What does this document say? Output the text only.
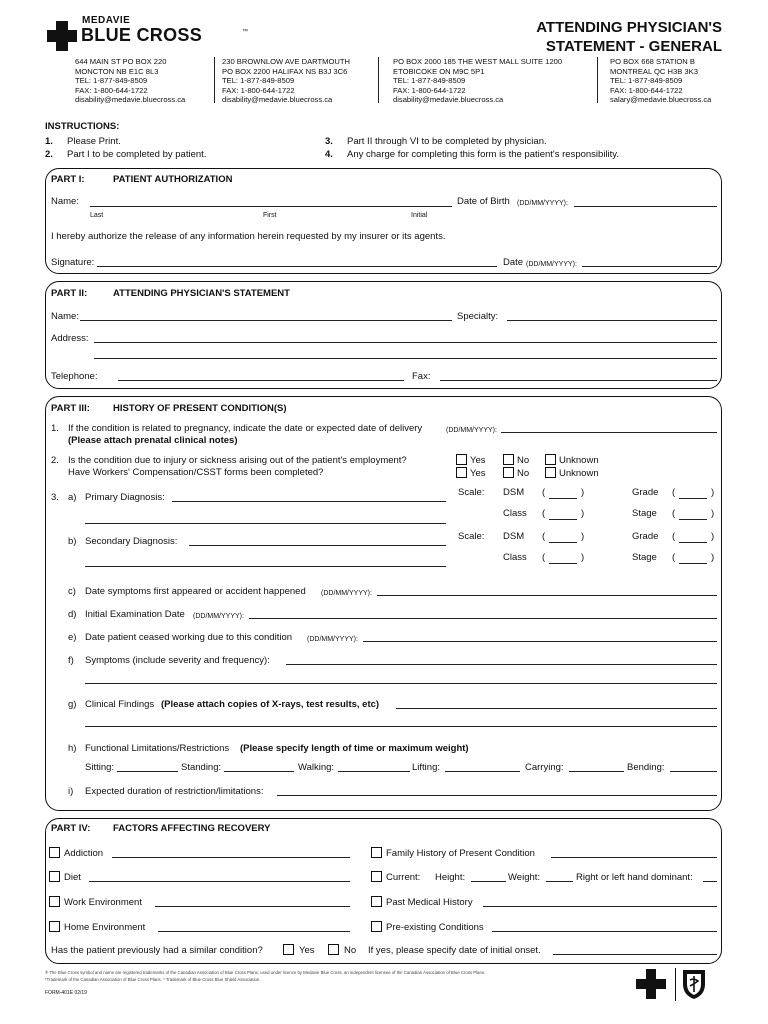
MEDAVIE
BLUE CROSS	™	ATTENDING PHYSICIAN'S
STATEMENT - GENERAL
644 MAIN ST PO BOX 220
MONCTON NB E1C 8L3
TEL: 1-877-849-8509
FAX: 1-800-644-1722
disability@medavie.bluecross.ca
230 BROWNLOW AVE DARTMOUTH
PO BOX 2200 HALIFAX NS B3J 3C6
TEL: 1-877-849-8509
FAX: 1-800-644-1722
disability@medavie.bluecross.ca
PO BOX 2000 185 THE WEST MALL SUITE 1200
ETOBICOKE ON M9C 5P1
TEL: 1-877-849-8509
FAX: 1-800-644-1722
disability@medavie.bluecross.ca
PO BOX 668 STATION B
MONTREAL QC H3B 3K3
TEL: 1-877-849-8509
FAX: 1-800-644-1722
salary@medavie.bluecross.ca
INSTRUCTIONS:
1. Please Print.
2. Part I to be completed by patient.
3. Part II through VI to be completed by physician.
4. Any charge for completing this form is the patient's responsibility.
PART I:	PATIENT AUTHORIZATION
Name:
Last	First	Initial
Date of Birth (DD/MM/YYYY):
I hereby authorize the release of any information herein requested by my insurer or its agents.
Signature:	Date (DD/MM/YYYY):
PART II:	ATTENDING PHYSICIAN'S STATEMENT
Name:	Specialty:
Address:
Telephone:	Fax:
PART III: HISTORY OF PRESENT CONDITION(S)
1. If the condition is related to pregnancy, indicate the date or expected date of delivery	(DD/MM/YYYY):
(Please attach prenatal clinical notes)
2. Is the condition due to injury or sickness arising out of the patient's employment?
Have Workers' Compensation/CSST forms been completed?
Yes	No	Unknown
Yes	No	Unknown
3. a) Primary Diagnosis:	Scale: DSM (	)	Grade (	)
Class (	)	Stage (	)
b) Secondary Diagnosis:	Scale: DSM (	)	Grade (	)
Class (	)	Stage (	)
c) Date symptoms first appeared or accident happened (DD/MM/YYYY):
d) Initial Examination Date (DD/MM/YYYY):
e) Date patient ceased working due to this condition (DD/MM/YYYY):
f) Symptoms (include severity and frequency):
g) Clinical Findings (Please attach copies of X-rays, test results, etc)
h) Functional Limitations/Restrictions (Please specify length of time or maximum weight)
Sitting:	Standing:	Walking:	Lifting:	Carrying:	Bending:
i) Expected duration of restriction/limitations:
PART IV: FACTORS AFFECTING RECOVERY
Addiction
Diet
Work Environment
Home Environment
Family History of Present Condition
Current: Height:	Weight:	Right or left hand dominant:
Past Medical History
Pre-existing Conditions
Has the patient previously had a similar condition?	Yes	No If yes, please specify date of initial onset.
® The Blue Cross symbol and name are registered trademarks of the Canadian Association of Blue Cross Plans, used under licence by Medavie Blue Cross, an independent licensee of the Canadian Association of Blue Cross Plans.
*Trademark of the Canadian Association of Blue Cross Plans. * Trademark of Blue Cross Blue Shield Association.
FORM-401E 02/19
